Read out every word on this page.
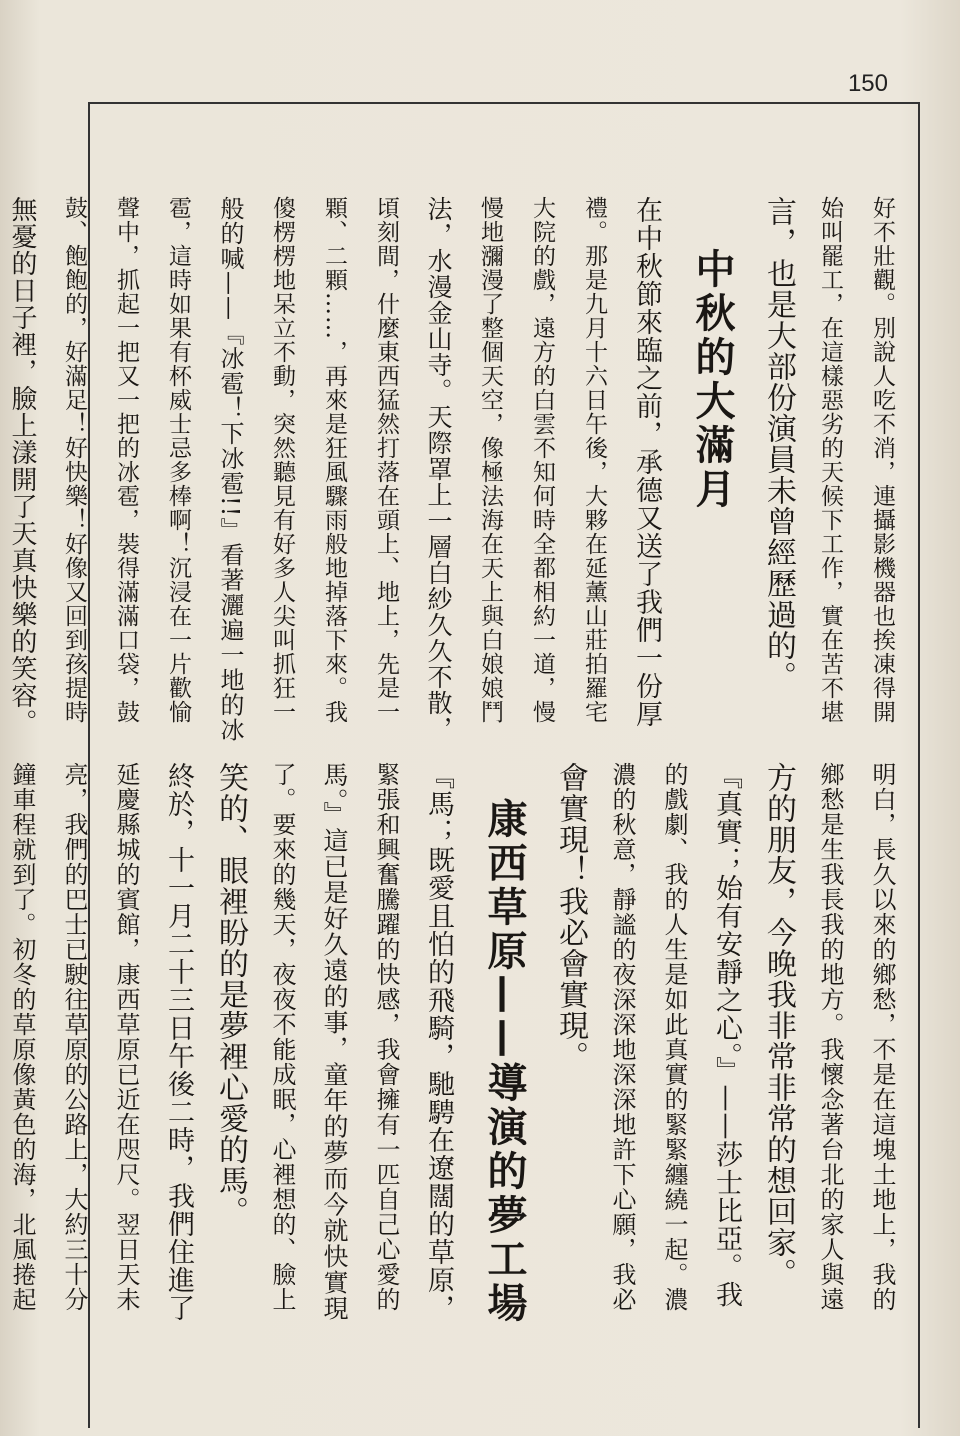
150
好不壯觀。別說人吃不消，連攝影機器也挨凍得開
始叫罷工，在這樣惡劣的天候下工作，實在苦不堪
言，也是大部份演員未曾經歷過的。
中秋的大滿月
在中秋節來臨之前，承德又送了我們一份厚
禮。那是九月十六日午後，大夥在延薰山莊拍羅宅
大院的戲，遠方的白雲不知何時全都相約一道，慢
慢地瀰漫了整個天空，像極法海在天上與白娘娘鬥
法，水漫金山寺。天際罩上一層白紗久久不散，
頃刻間，什麼東西猛然打落在頭上、地上，先是一
顆、二顆……，再來是狂風驟雨般地掉落下來。我
傻楞楞地呆立不動，突然聽見有好多人尖叫抓狂一
般的喊——『冰雹！下冰雹!!』看著灑遍一地的冰
雹，這時如果有杯威士忌多棒啊！沉浸在一片歡愉
聲中，抓起一把又一把的冰雹，裝得滿滿口袋，鼓
鼓、飽飽的，好滿足！好快樂！好像又回到孩提時
無憂的日子裡，臉上漾開了天真快樂的笑容。
明白，長久以來的鄉愁，不是在這塊土地上，我的
鄉愁是生我長我的地方。我懷念著台北的家人與遠
方的朋友，今晚我非常非常的想回家。
『真實；始有安靜之心。』——莎士比亞。我
的戲劇、我的人生是如此真實的緊緊纏繞一起。濃
濃的秋意，靜謐的夜深深地深深地許下心願，我必
會實現！我必會實現。
康西草原——導演的夢工場
『馬；既愛且怕的飛騎，馳騁在遼闊的草原，
緊張和興奮騰躍的快感，我會擁有一匹自己心愛的
馬。』這已是好久遠的事，童年的夢而今就快實現
了。要來的幾天，夜夜不能成眠，心裡想的、臉上
笑的、眼裡盼的是夢裡心愛的馬。
終於，十一月二十三日午後二時，我們住進了
延慶縣城的賓館，康西草原已近在咫尺。翌日天未
亮，我們的巴士已駛往草原的公路上，大約三十分
鐘車程就到了。初冬的草原像黃色的海，北風捲起
